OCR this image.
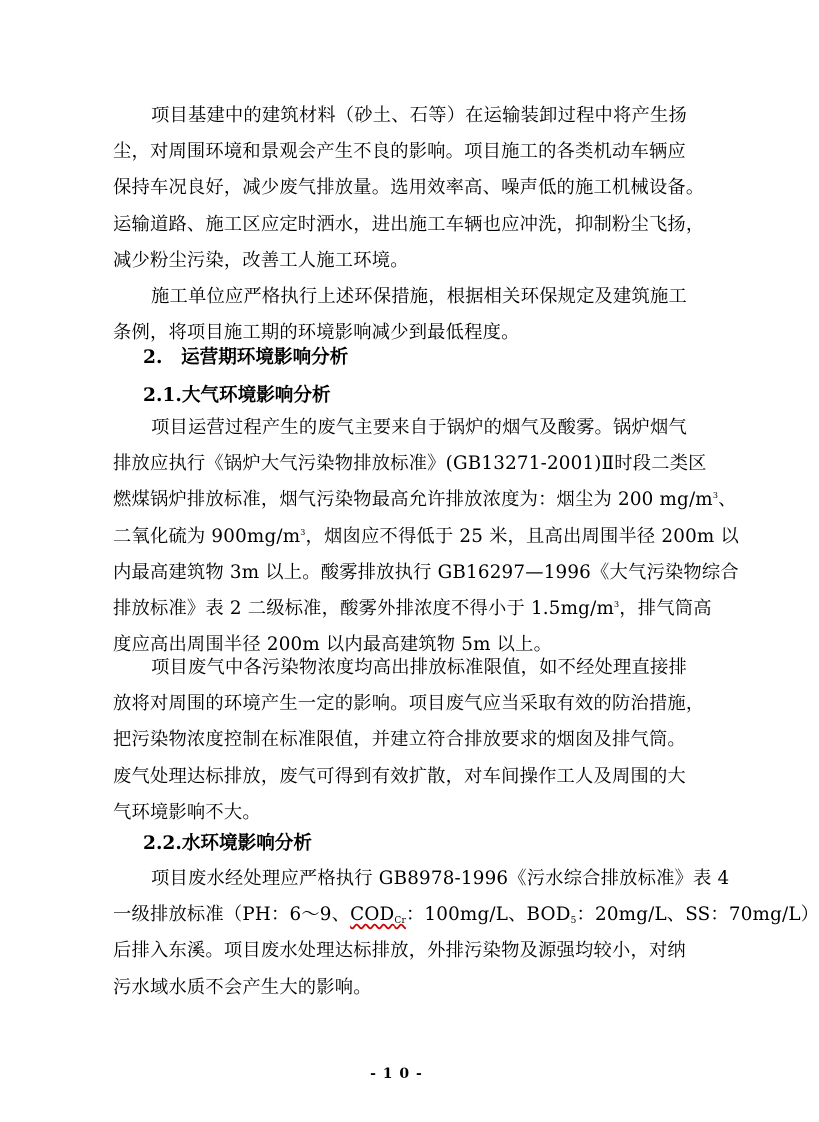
项目基建中的建筑材料（砂土、石等）在运输装卸过程中将产生扬
尘，对周围环境和景观会产生不良的影响。项目施工的各类机动车辆应
保持车况良好，减少废气排放量。选用效率高、噪声低的施工机械设备。
运输道路、施工区应定时洒水，进出施工车辆也应冲洗，抑制粉尘飞扬，
减少粉尘污染，改善工人施工环境。
施工单位应严格执行上述环保措施，根据相关环保规定及建筑施工
条例，将项目施工期的环境影响减少到最低程度。
2.　运营期环境影响分析
2.1.大气环境影响分析
项目运营过程产生的废气主要来自于锅炉的烟气及酸雾。锅炉烟气
排放应执行《锅炉大气污染物排放标准》(GB13271-2001)Ⅱ时段二类区
燃煤锅炉排放标准，烟气污染物最高允许排放浓度为：烟尘为 200 $mg/m^3$、
二氧化硫为 $900mg/m^3$，烟囱应不得低于 25 米，且高出周围半径 200m 以
内最高建筑物 3m 以上。酸雾排放执行 GB16297—1996《大气污染物综合
排放标准》表 2 二级标准，酸雾外排浓度不得小于 $1.5mg/m^3$，排气筒高
度应高出周围半径 200m 以内最高建筑物 5m 以上。
项目废气中各污染物浓度均高出排放标准限值，如不经处理直接排
放将对周围的环境产生一定的影响。项目废气应当采取有效的防治措施，
把污染物浓度控制在标准限值，并建立符合排放要求的烟囱及排气筒。
废气处理达标排放，废气可得到有效扩散，对车间操作工人及周围的大
气环境影响不大。
2.2.水环境影响分析
项目废水经处理应严格执行 GB8978-1996《污水综合排放标准》表 4
一级排放标准（PH：6～9、$COD_{Cr}$：100mg/L、$BOD_5$：20mg/L、SS：70mg/L）
后排入东溪。项目废水处理达标排放，外排污染物及源强均较小，对纳
污水域水质不会产生大的影响。
- 1 0 -
